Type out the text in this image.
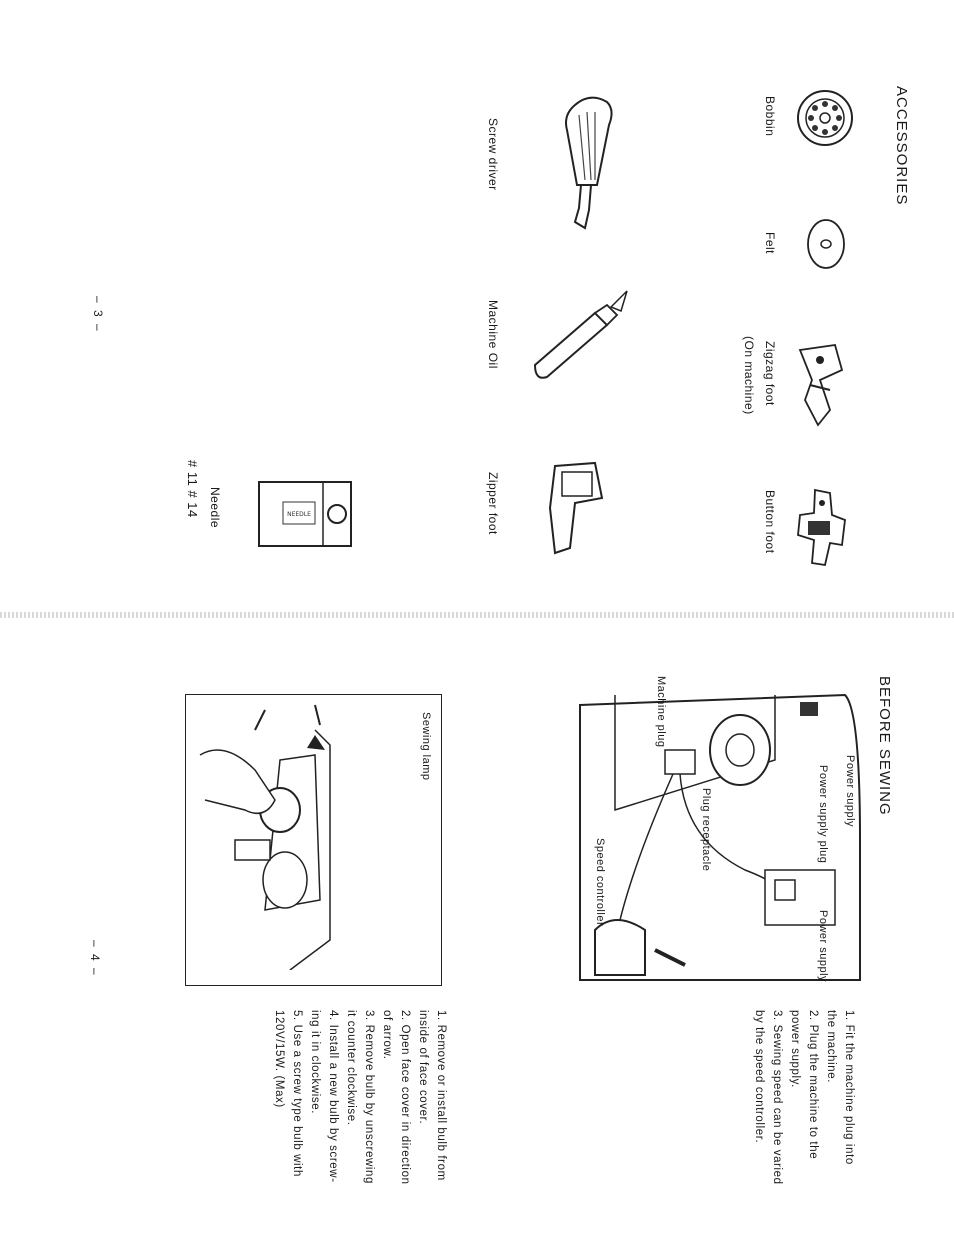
ACCESSORIES
Bobbin
Felt
Zigzag foot
(On machine)
Button foot
Screw driver
Machine Oil
Zipper foot
NEEDLE
Needle
# 11 # 14
– 3 –
BEFORE SEWING
Power supply
Power supply plug
Power supply
Machine plug
Plug receptacle
Speed controller
1. Fit the machine plug into
the machine.
2. Plug the machine to the
power supply.
3. Sewing speed can be varied
by the speed controller.
Sewing lamp
1. Remove or install bulb from
inside of face cover.
2. Open face cover in direction
of arrow.
3. Remove bulb by unscrewing
it counter clockwise.
4. Install a new bulb by screw-
ing it in clockwise.
5. Use a screw type bulb with
120V/15W. (Max)
– 4 –
